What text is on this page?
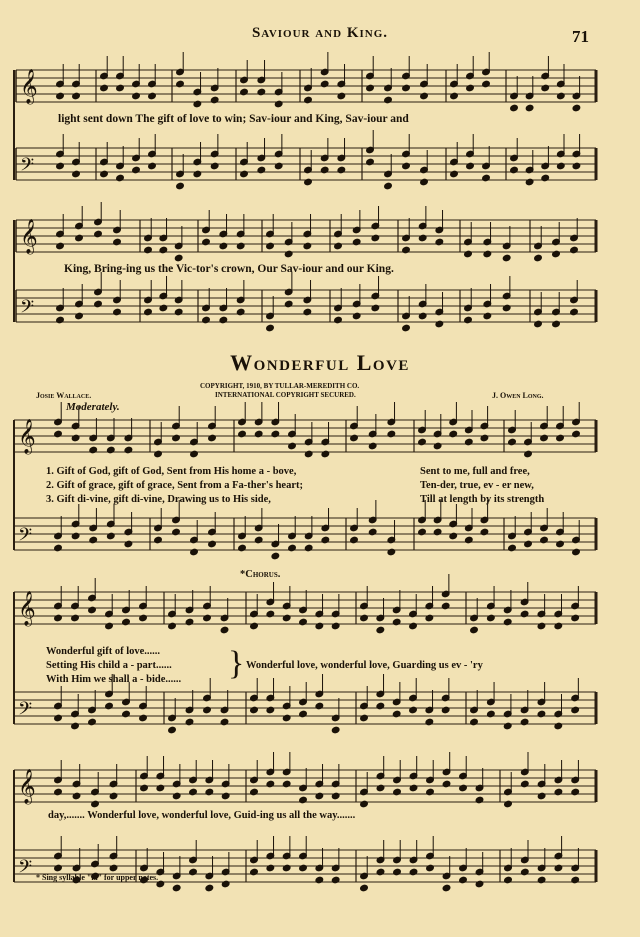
𝄞
𝄢
𝄞
𝄢
𝄞
𝄢
𝄞
𝄢
𝄞
𝄢
Saviour and King.	71
light sent down The gift of love to win; Sav-iour and King, Sav-iour and
King, Bring-ing us the Vic-tor's crown, Our Sav-iour and our King.
Wonderful Love
Josie Wallace.
COPYRIGHT, 1910, BY TULLAR-MEREDITH CO.
INTERNATIONAL COPYRIGHT SECURED.	J. Owen Long.
Moderately.
1. Gift of God, gift of God, Sent from His home a - bove,	Sent to me, full and free,
2. Gift of grace, gift of grace, Sent from a Fa-ther's heart;	Ten-der, true, ev - er new,
3. Gift di-vine, gift di-vine, Drawing us to His side,	Till at length by its strength
*Chorus.
Wonderful gift of love......
Setting His child a - part......
With Him we shall a - bide...... } Wonderful love, wonderful love, Guarding us ev - 'ry
day,....... Wonderful love, wonderful love, Guid-ing us all the way.......
* Sing syllable "la" for upper notes.
